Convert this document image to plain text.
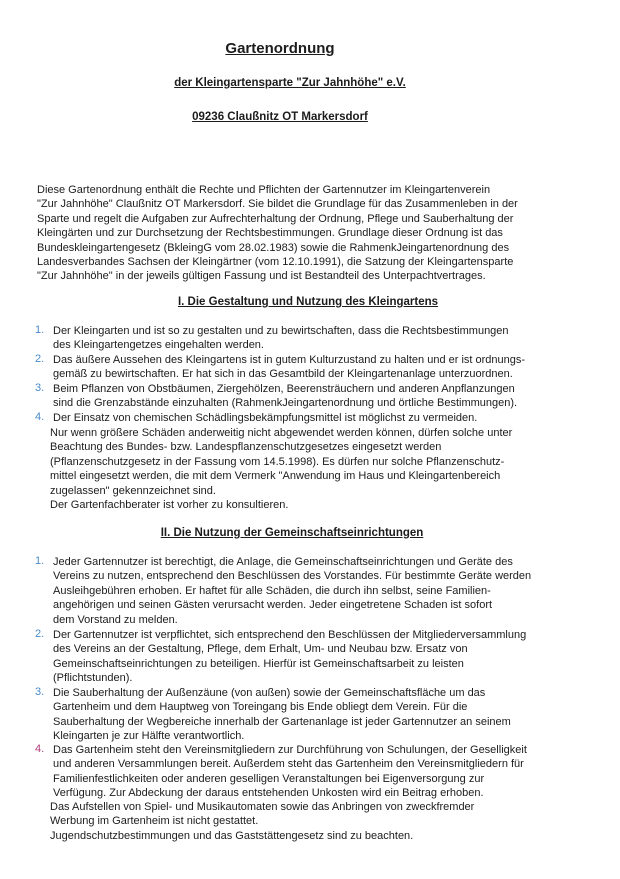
Gartenordnung
der Kleingartensparte "Zur Jahnhöhe" e.V.
09236 Claußnitz OT Markersdorf
Diese Gartenordnung enthält die Rechte und Pflichten der Gartennutzer im Kleingartenverein
"Zur Jahnhöhe" Claußnitz OT Markersdorf. Sie bildet die Grundlage für das Zusammenleben in der
Sparte und regelt die Aufgaben zur Aufrechterhaltung der Ordnung, Pflege und Sauberhaltung der
Kleingärten und zur Durchsetzung der Rechtsbestimmungen. Grundlage dieser Ordnung ist das
Bundeskleingartengesetz (BkleingG vom 28.02.1983) sowie die RahmenkJeingartenordnung des
Landesverbandes Sachsen der Kleingärtner (vom 12.10.1991), die Satzung der Kleingartensparte
"Zur Jahnhöhe" in der jeweils gültigen Fassung und ist Bestandteil des Unterpachtvertrages.
I. Die Gestaltung und Nutzung des Kleingartens
1. Der Kleingarten und ist so zu gestalten und zu bewirtschaften, dass die Rechtsbestimmungen
des Kleingartengetzes eingehalten werden.
2. Das äußere Aussehen des Kleingartens ist in gutem Kulturzustand zu halten und er ist ordnungs-
gemäß zu bewirtschaften. Er hat sich in das Gesamtbild der Kleingartenanlage unterzuordnen.
3. Beim Pflanzen von Obstbäumen, Ziergehölzen, Beerensträuchern und anderen Anpflanzungen
sind die Grenzabstände einzuhalten (RahmenkJeingartenordnung und örtliche Bestimmungen).
4. Der Einsatz von chemischen Schädlingsbekämpfungsmittel ist möglichst zu vermeiden.
Nur wenn größere Schäden anderweitig nicht abgewendet werden können, dürfen solche unter
Beachtung des Bundes- bzw. Landespflanzenschutzgesetzes eingesetzt werden
(Pflanzenschutzgesetz in der Fassung vom 14.5.1998). Es dürfen nur solche Pflanzenschutz-
mittel eingesetzt werden, die mit dem Vermerk "Anwendung im Haus und Kleingartenbereich
zugelassen" gekennzeichnet sind.
Der Gartenfachberater ist vorher zu konsultieren.
II. Die Nutzung der Gemeinschaftseinrichtungen
1. Jeder Gartennutzer ist berechtigt, die Anlage, die Gemeinschaftseinrichtungen und Geräte des
Vereins zu nutzen, entsprechend den Beschlüssen des Vorstandes. Für bestimmte Geräte werden
Ausleihgebühren erhoben. Er haftet für alle Schäden, die durch ihn selbst, seine Familien-
angehörigen und seinen Gästen verursacht werden. Jeder eingetretene Schaden ist sofort
dem Vorstand zu melden.
2. Der Gartennutzer ist verpflichtet, sich entsprechend den Beschlüssen der Mitgliederversammlung
des Vereins an der Gestaltung, Pflege, dem Erhalt, Um- und Neubau bzw. Ersatz von
Gemeinschaftseinrichtungen zu beteiligen. Hierfür ist Gemeinschaftsarbeit zu leisten
(Pflichtstunden).
3. Die Sauberhaltung der Außenzäune (von außen) sowie der Gemeinschaftsfläche um das
Gartenheim und dem Hauptweg von Toreingang bis Ende obliegt dem Verein. Für die
Sauberhaltung der Wegbereiche innerhalb der Gartenanlage ist jeder Gartennutzer an seinem
Kleingarten je zur Hälfte verantwortlich.
4. Das Gartenheim steht den Vereinsmitgliedern zur Durchführung von Schulungen, der Geselligkeit
und anderen Versammlungen bereit. Außerdem steht das Gartenheim den Vereinsmitgliedern für
Familienfestlichkeiten oder anderen geselligen Veranstaltungen bei Eigenversorgung zur
Verfügung. Zur Abdeckung der daraus entstehenden Unkosten wird ein Beitrag erhoben.
Das Aufstellen von Spiel- und Musikautomaten sowie das Anbringen von zweckfremder
Werbung im Gartenheim ist nicht gestattet.
Jugendschutzbestimmungen und das Gaststättengesetz sind zu beachten.
